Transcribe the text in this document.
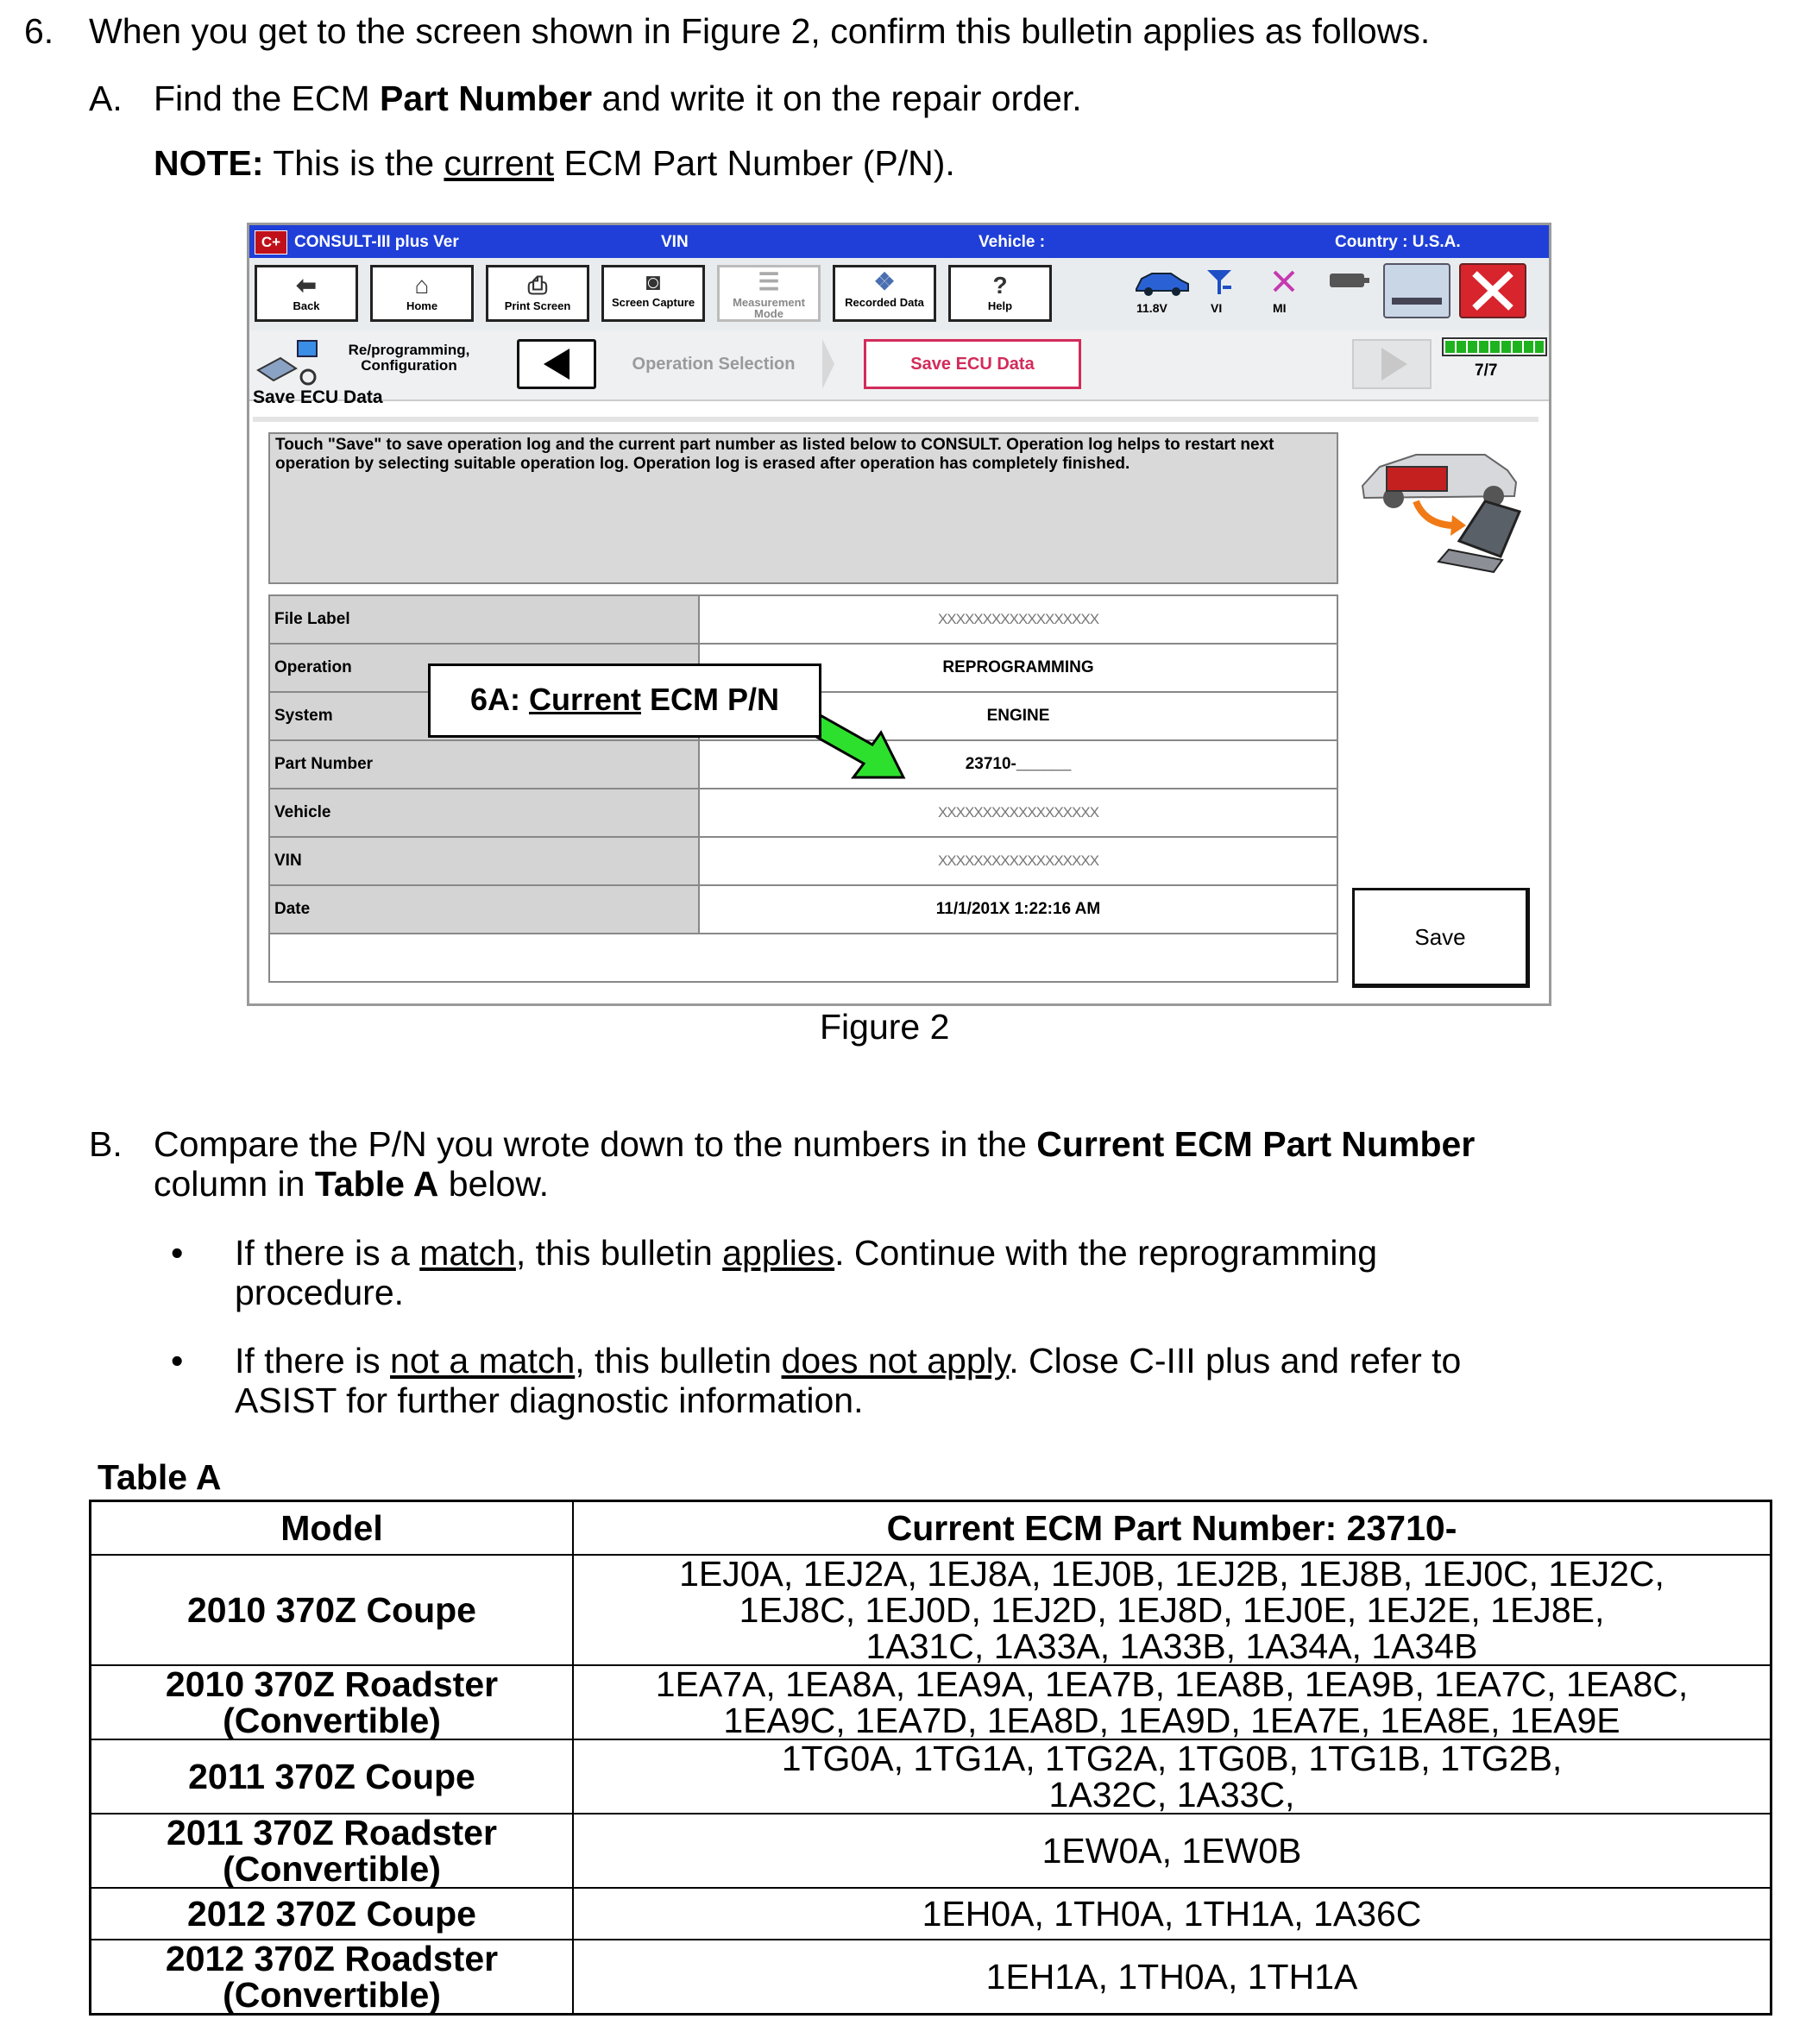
6. When you get to the screen shown in Figure 2, confirm this bulletin applies as follows.
A. Find the ECM Part Number and write it on the repair order.
NOTE: This is the current ECM Part Number (P/N).
C+ CONSULT-III plus Ver	VIN	Vehicle :	Country : U.S.A.
⬅
Back
⌂
Home
⎙
Print Screen
◙
Screen Capture
☰
Measurement Mode
❖
Recorded Data
?
Help	11.8V	VI	MI
Re/programming, Configuration	Operation Selection	Save ECU Data	7/7
Save ECU Data
Touch "Save" to save operation log and the current part number as listed below to CONSULT. Operation log helps to restart next operation by selecting suitable operation log. Operation log is erased after operation has completely finished.
File Label	XXXXXXXXXXXXXXXXXX
Operation	REPROGRAMMING
System	ENGINE
Part Number	23710-______
Vehicle	XXXXXXXXXXXXXXXXXX
VIN	XXXXXXXXXXXXXXXXXX
Date	11/1/201X 1:22:16 AM

Save
6A: Current ECM P/N
Figure 2
B. Compare the P/N you wrote down to the numbers in the Current ECM Part Number
column in Table A below.
• If there is a match, this bulletin applies. Continue with the reprogramming
procedure.
• If there is not a match, this bulletin does not apply. Close C-III plus and refer to
ASIST for further diagnostic information.
Table A
Model	Current ECM Part Number: 23710-
2010 370Z Coupe	1EJ0A, 1EJ2A, 1EJ8A, 1EJ0B, 1EJ2B, 1EJ8B, 1EJ0C, 1EJ2C,
1EJ8C, 1EJ0D, 1EJ2D, 1EJ8D, 1EJ0E, 1EJ2E, 1EJ8E,
1A31C, 1A33A, 1A33B, 1A34A, 1A34B
2010 370Z Roadster
(Convertible)	1EA7A, 1EA8A, 1EA9A, 1EA7B, 1EA8B, 1EA9B, 1EA7C, 1EA8C,
1EA9C, 1EA7D, 1EA8D, 1EA9D, 1EA7E, 1EA8E, 1EA9E
2011 370Z Coupe	1TG0A, 1TG1A, 1TG2A, 1TG0B, 1TG1B, 1TG2B,
1A32C, 1A33C,
2011 370Z Roadster
(Convertible)	1EW0A, 1EW0B
2012 370Z Coupe	1EH0A, 1TH0A, 1TH1A, 1A36C
2012 370Z Roadster
(Convertible)	1EH1A, 1TH0A, 1TH1A
